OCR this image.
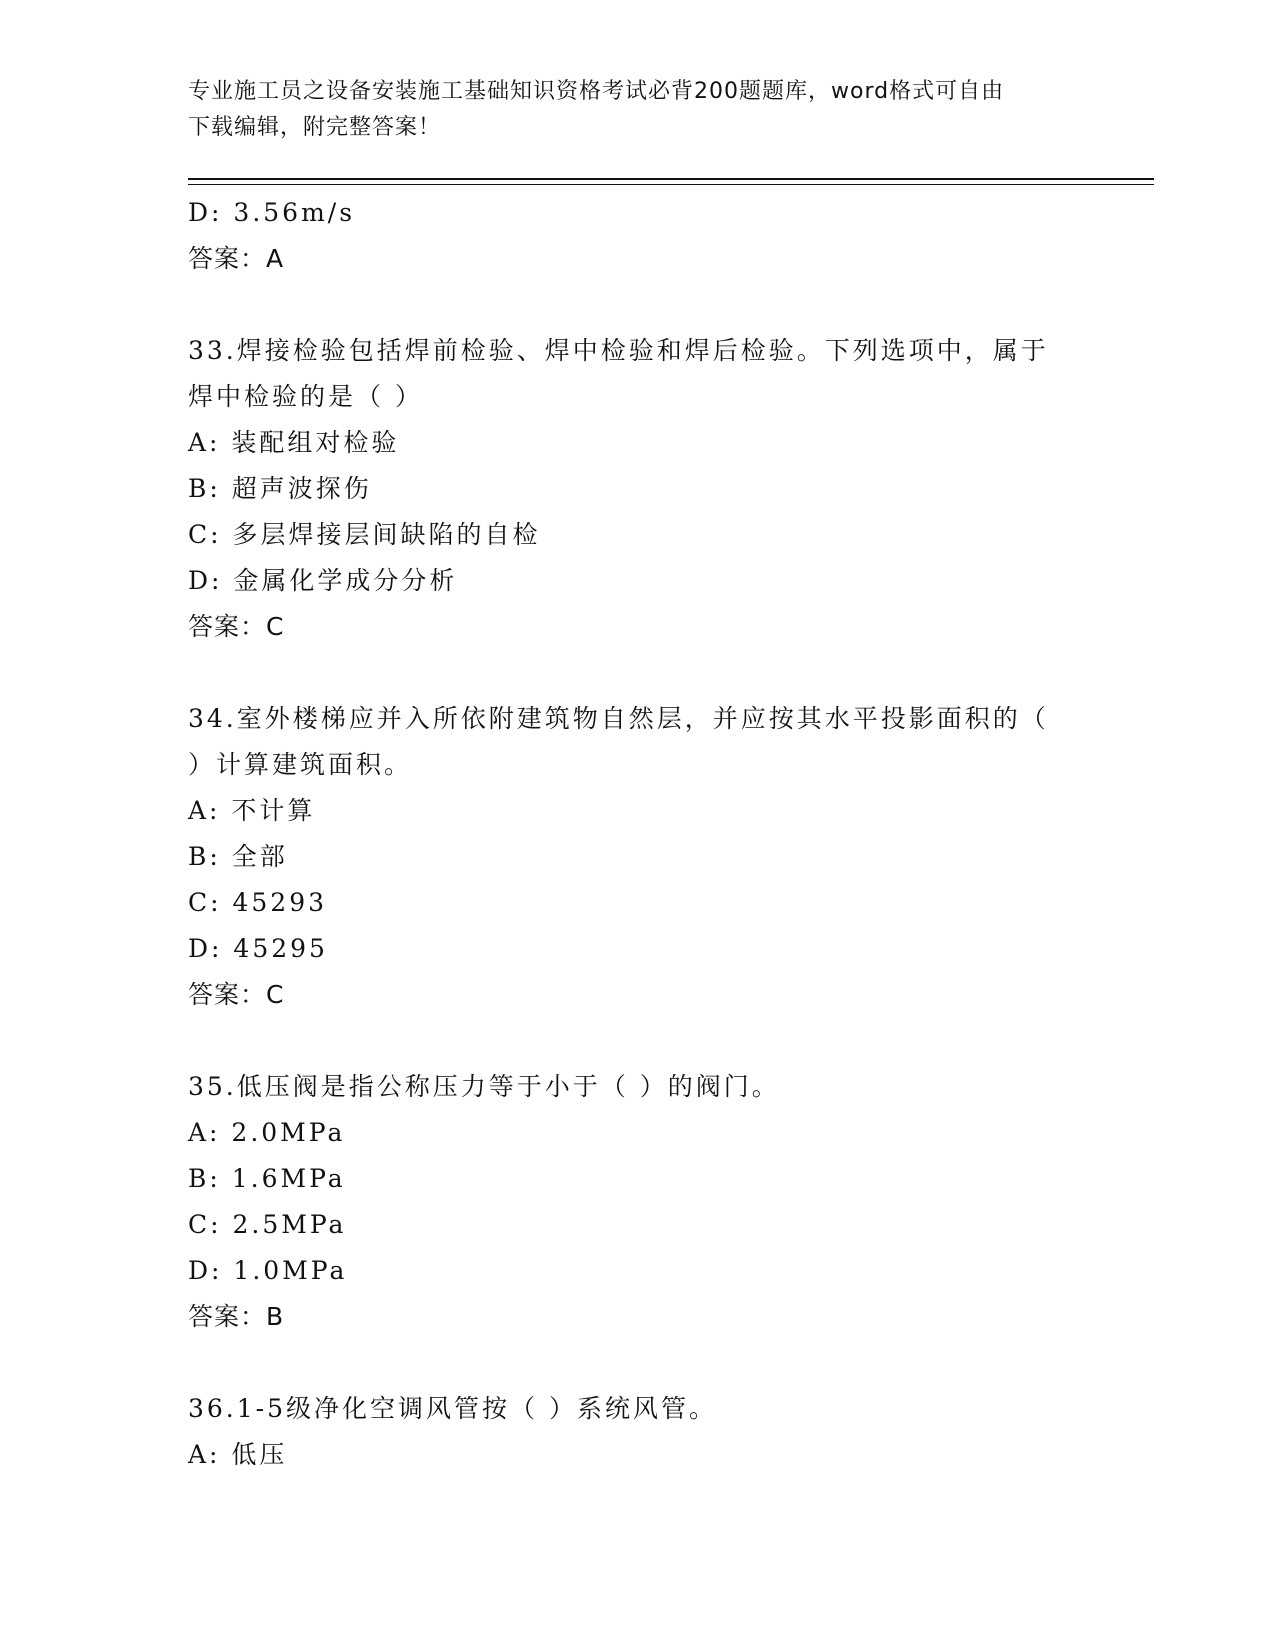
专业施工员之设备安装施工基础知识资格考试必背200题题库，word格式可自由
下载编辑，附完整答案！
D: 3.56m/s
答案：A
33.焊接检验包括焊前检验、焊中检验和焊后检验。下列选项中，属于
焊中检验的是（ ）
A: 装配组对检验
B: 超声波探伤
C: 多层焊接层间缺陷的自检
D: 金属化学成分分析
答案：C
34.室外楼梯应并入所依附建筑物自然层，并应按其水平投影面积的（
）计算建筑面积。
A: 不计算
B: 全部
C: 45293
D: 45295
答案：C
35.低压阀是指公称压力等于小于（ ）的阀门。
A: 2.0MPa
B: 1.6MPa
C: 2.5MPa
D: 1.0MPa
答案：B
36.1-5级净化空调风管按（ ）系统风管。
A: 低压
